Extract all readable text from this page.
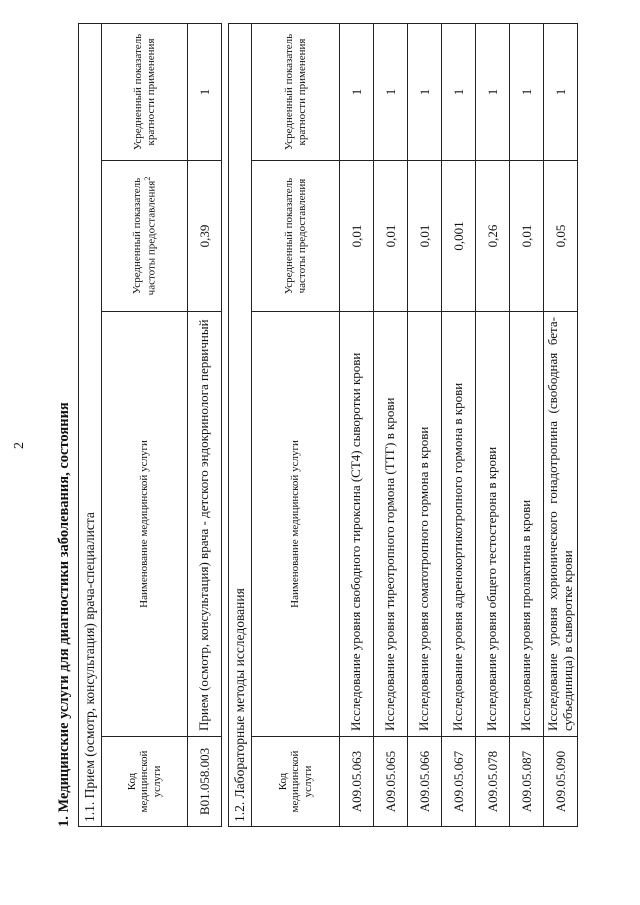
2 1. Медицинские услуги для диагностики заболевания, состояния 1.1. Прием (осмотр, консультация) врача-специалиста			
Код медицинской услуги	Наименование медицинской услуги	Усредненный показатель частоты предоставления$^2$	Усредненный показатель кратности применения
B01.058.003	Прием (осмотр, консультация) врача - детского эндокринолога первичный	0,39	1
1.2. Лабораторные методы исследования			
Код медицинской услуги	Наименование медицинской услуги	Усредненный показатель частоты предоставления	Усредненный показатель кратности применения
A09.05.063	Исследование уровня свободного тироксина (СТ4) сыворотки крови	0,01	1
A09.05.065	Исследование уровня тиреотропного гормона (ТТГ) в крови	0,01	1
A09.05.066	Исследование уровня соматотропного гормона в крови	0,01	1
A09.05.067	Исследование уровня адренокортикотропного гормона в крови	0,001	1
A09.05.078	Исследование уровня общего тестостерона в крови	0,26	1
A09.05.087	Исследование уровня пролактина в крови	0,01	1
A09.05.090	Исследование уровня хорионического гонадотропина (свободная бета-субъединица) в сыворотке крови	0,05	1
